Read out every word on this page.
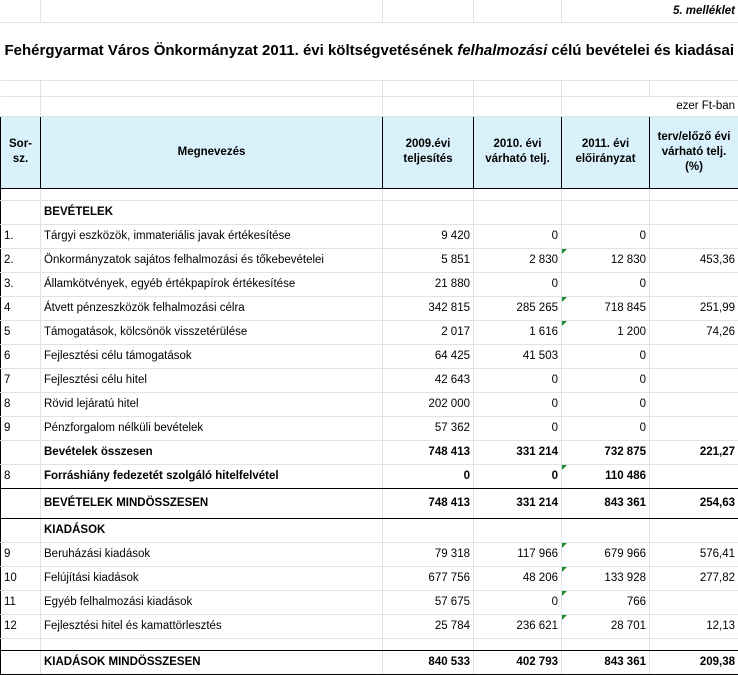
				5. melléklet	
Fehérgyarmat Város Önkormányzat 2011. évi költségvetésének felhalmozási célú bevételei és kiadásai					

				ezer Ft-ban	
Sor-sz.	Megnevezés	2009.évi teljesítés	2010. évi várható telj.	2011. évi előirányzat	terv/előző évi várható telj. (%)

	BEVÉTELEK				
1.	Tárgyi eszközök, immateriális javak értékesítése	9 420	0	0	
2.	Önkormányzatok sajátos felhalmozási és tőkebevételei	5 851	2 830	12 830	453,36
3.	Államkötvények, egyéb értékpapírok értékesítése	21 880	0	0	
4	Átvett pénzeszközök felhalmozási célra	342 815	285 265	718 845	251,99
5	Támogatások, kölcsönök visszetérülése	2 017	1 616	1 200	74,26
6	Fejlesztési célu támogatások	64 425	41 503	0	
7	Fejlesztési célu hitel	42 643	0	0	
8	Rövid lejáratú hitel	202 000	0	0	
9	Pénzforgalom nélküli bevételek	57 362	0	0	
	Bevételek összesen	748 413	331 214	732 875	221,27
8	Forráshiány fedezetét szolgáló hitelfelvétel	0	0	110 486	
	BEVÉTELEK MINDÖSSZESEN	748 413	331 214	843 361	254,63
	KIADÁSOK				
9	Beruházási kiadások	79 318	117 966	679 966	576,41
10	Felújítási kiadások	677 756	48 206	133 928	277,82
11	Egyéb felhalmozási kiadások	57 675	0	766	
12	Fejlesztési hitel és kamattörlesztés	25 784	236 621	28 701	12,13

	KIADÁSOK MINDÖSSZESEN	840 533	402 793	843 361	209,38
